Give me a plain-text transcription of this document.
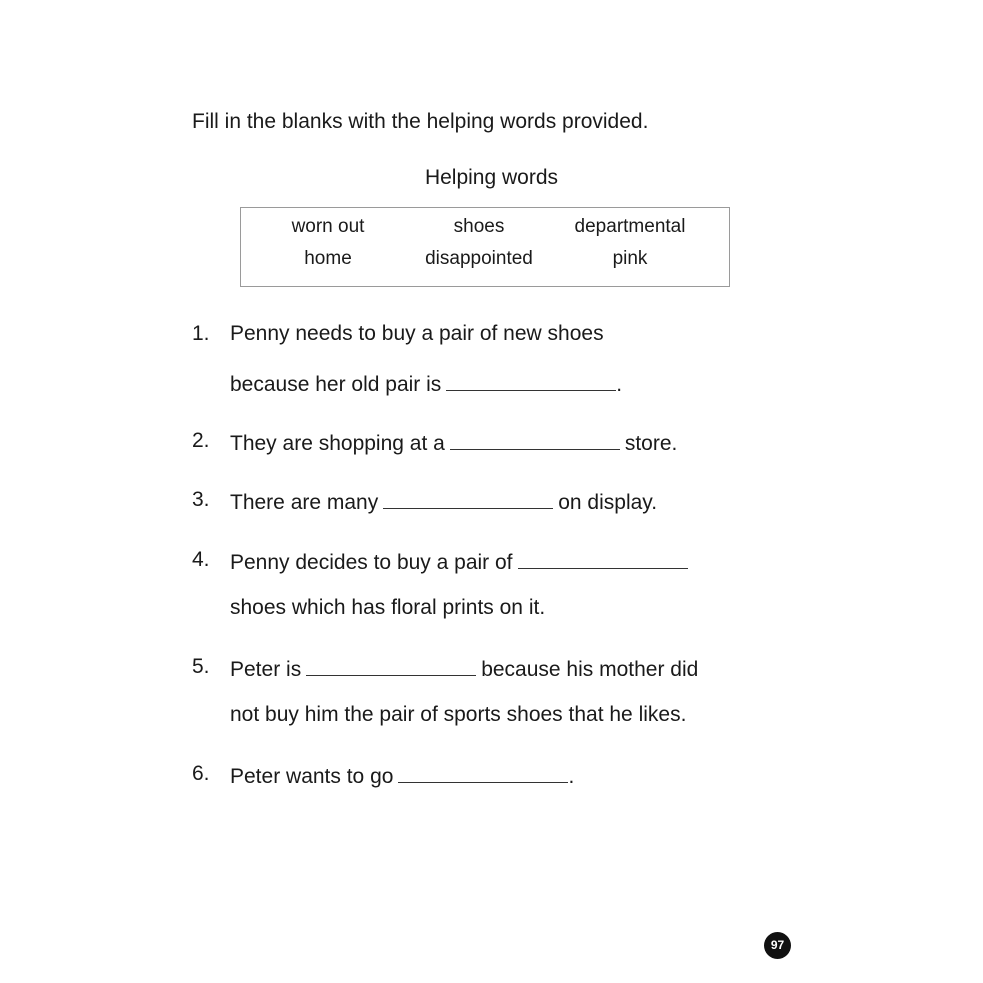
Fill in the blanks with the helping words provided.
Helping words
worn out	shoes	departmental
home	disappointed	pink
1. Penny needs to buy a pair of new shoes
because her old pair is	.
2. They are shopping at a	store.
3. There are many	on display.
4. Penny decides to buy a pair of
shoes which has floral prints on it.
5. Peter is	because his mother did
not buy him the pair of sports shoes that he likes.
6. Peter wants to go	.
97
